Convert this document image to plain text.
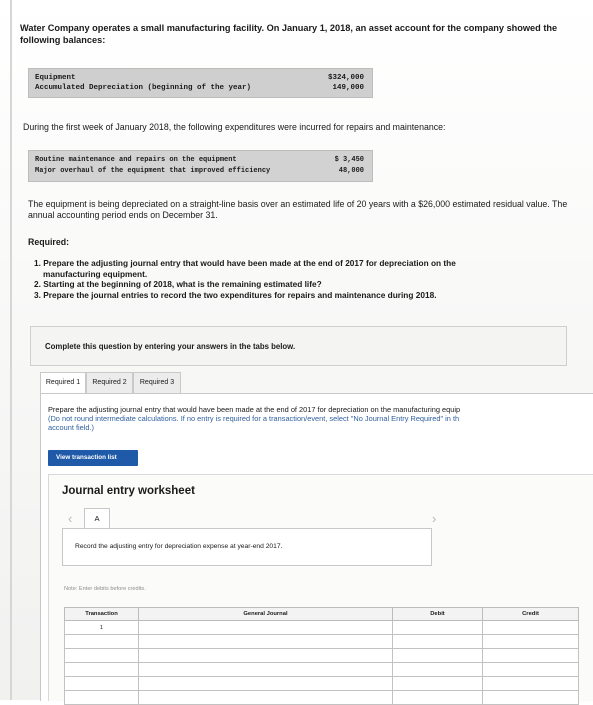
Water Company operates a small manufacturing facility. On January 1, 2018, an asset account for the company showed the following balances:
Equipment	$324,000
Accumulated Depreciation (beginning of the year)	149,000
During the first week of January 2018, the following expenditures were incurred for repairs and maintenance:
Routine maintenance and repairs on the equipment	$ 3,450
Major overhaul of the equipment that improved efficiency	48,000
The equipment is being depreciated on a straight-line basis over an estimated life of 20 years with a $26,000 estimated residual value. The annual accounting period ends on December 31.
Required:
1. Prepare the adjusting journal entry that would have been made at the end of 2017 for depreciation on the
manufacturing equipment.
2. Starting at the beginning of 2018, what is the remaining estimated life?
3. Prepare the journal entries to record the two expenditures for repairs and maintenance during 2018.
Complete this question by entering your answers in the tabs below.
Required 1	Required 2	Required 3
Prepare the adjusting journal entry that would have been made at the end of 2017 for depreciation on the manufacturing equip
(Do not round intermediate calculations. If no entry is required for a transaction/event, select "No Journal Entry Required" in th
account field.)
View transaction list
Journal entry worksheet
‹	A	›
Record the adjusting entry for depreciation expense at year-end 2017.
Note: Enter debits before credits.
Transaction	General Journal	Debit	Credit
1			
